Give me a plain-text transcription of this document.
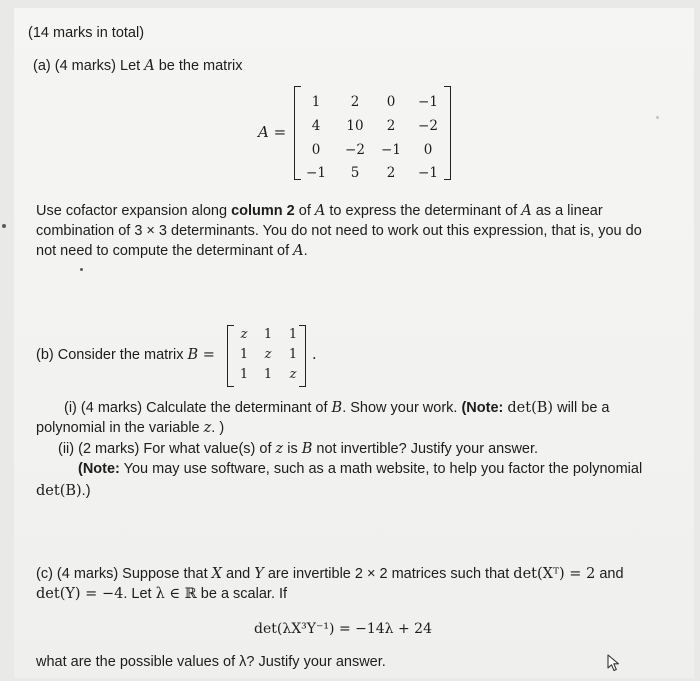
(14 marks in total)
(a) (4 marks) Let A be the matrix
A =
1	2	0	−1
4	10	2	−2
0	−2	−1	0
−1	5	2	−1
Use cofactor expansion along column 2 of A to express the determinant of A as a linear
combination of 3 × 3 determinants. You do not need to work out this expression, that is, you do
not need to compute the determinant of A.
(b) Consider the matrix B =
z	1	1
1	z	1
1	1	z
.
(i) (4 marks) Calculate the determinant of B. Show your work. (Note: det(B) will be a
polynomial in the variable z. )
(ii) (2 marks) For what value(s) of z is B not invertible? Justify your answer.
(Note: You may use software, such as a math website, to help you factor the polynomial
det(B).)
(c) (4 marks) Suppose that X and Y are invertible 2 × 2 matrices such that det(Xᵀ) = 2 and
det(Y) = −4. Let λ ∈ ℝ be a scalar. If
det(λX³Y⁻¹) = −14λ + 24
what are the possible values of λ? Justify your answer.
